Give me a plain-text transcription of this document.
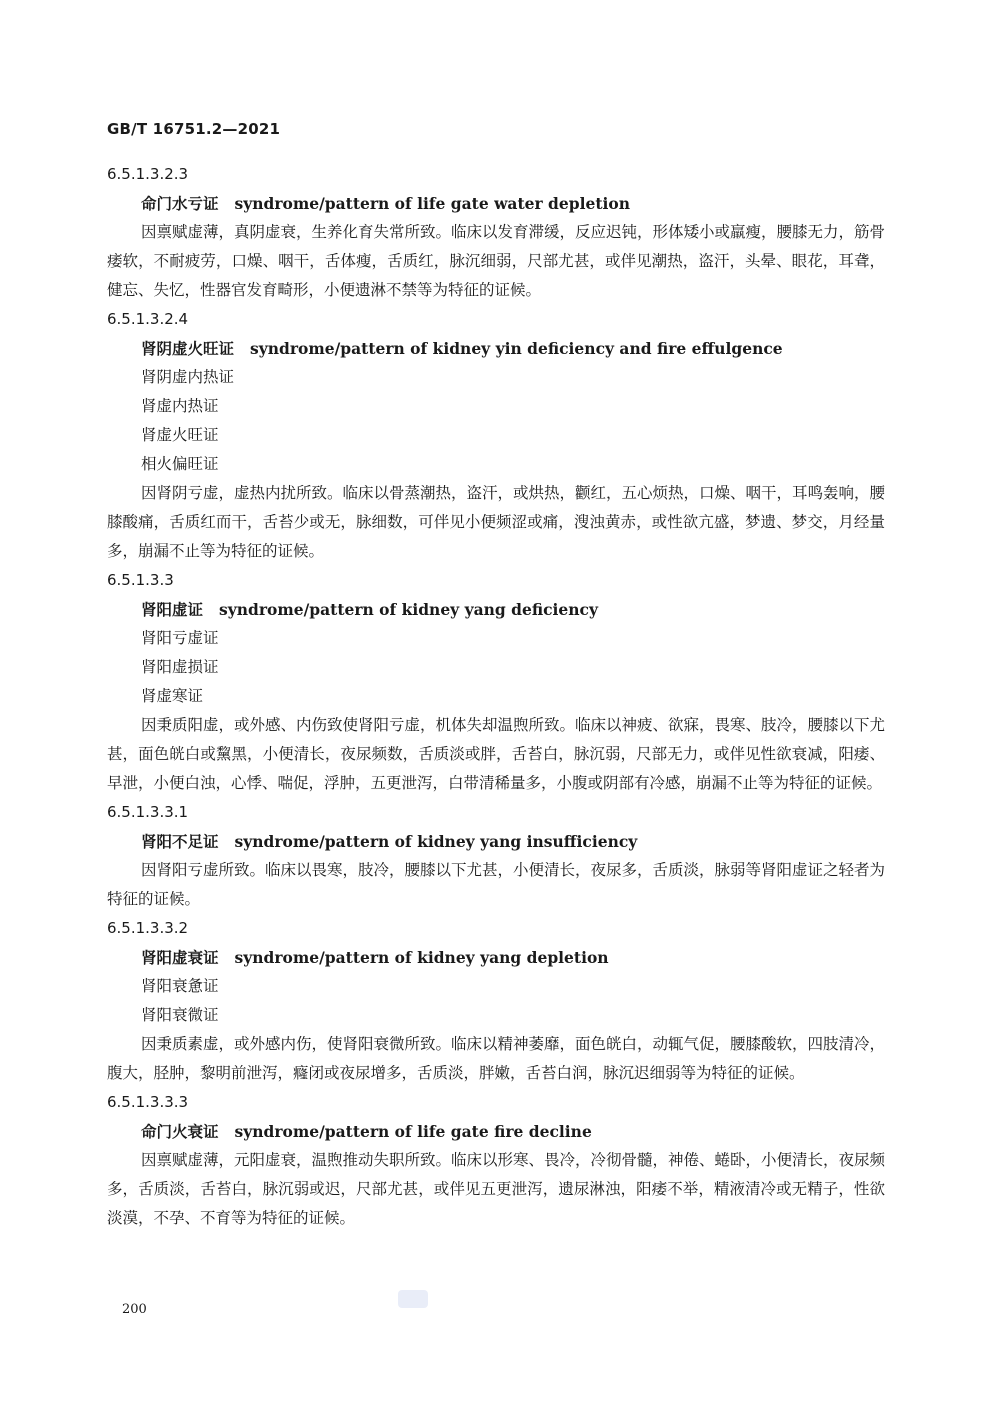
GB/T 16751.2—2021

6.5.1.3.2.3

命门水亏证 syndrome/pattern of life gate water depletion

因禀赋虚薄，真阴虚衰，生养化育失常所致。临床以发育滞缓，反应迟钝，形体矮小或羸瘦，腰膝无力，筋骨痿软，不耐疲劳，口燥、咽干，舌体瘦，舌质红，脉沉细弱，尺部尤甚，或伴见潮热，盗汗，头晕、眼花，耳聋，健忘、失忆，性器官发育畸形，小便遗淋不禁等为特征的证候。

6.5.1.3.2.4

肾阴虚火旺证 syndrome/pattern of kidney yin deficiency and fire effulgence

肾阴虚内热证

肾虚内热证

肾虚火旺证

相火偏旺证

因肾阴亏虚，虚热内扰所致。临床以骨蒸潮热，盗汗，或烘热，颧红，五心烦热，口燥、咽干，耳鸣轰响，腰膝酸痛，舌质红而干，舌苔少或无，脉细数，可伴见小便频涩或痛，溲浊黄赤，或性欲亢盛，梦遗、梦交，月经量多，崩漏不止等为特征的证候。

6.5.1.3.3

肾阳虚证 syndrome/pattern of kidney yang deficiency

肾阳亏虚证

肾阳虚损证

肾虚寒证

因秉质阳虚，或外感、内伤致使肾阳亏虚，机体失却温煦所致。临床以神疲、欲寐，畏寒、肢冷，腰膝以下尤甚，面色㿠白或黧黑，小便清长，夜尿频数，舌质淡或胖，舌苔白，脉沉弱，尺部无力，或伴见性欲衰减，阳痿、早泄，小便白浊，心悸、喘促，浮肿，五更泄泻，白带清稀量多，小腹或阴部有冷感，崩漏不止等为特征的证候。

6.5.1.3.3.1

肾阳不足证 syndrome/pattern of kidney yang insufficiency

因肾阳亏虚所致。临床以畏寒，肢冷，腰膝以下尤甚，小便清长，夜尿多，舌质淡，脉弱等肾阳虚证之轻者为特征的证候。

6.5.1.3.3.2

肾阳虚衰证 syndrome/pattern of kidney yang depletion

肾阳衰惫证

肾阳衰微证

因秉质素虚，或外感内伤，使肾阳衰微所致。临床以精神萎靡，面色㿠白，动辄气促，腰膝酸软，四肢清冷，腹大，胫肿，黎明前泄泻，癃闭或夜尿增多，舌质淡，胖嫩，舌苔白润，脉沉迟细弱等为特征的证候。

6.5.1.3.3.3

命门火衰证 syndrome/pattern of life gate fire decline

因禀赋虚薄，元阳虚衰，温煦推动失职所致。临床以形寒、畏冷，冷彻骨髓，神倦、蜷卧，小便清长，夜尿频多，舌质淡，舌苔白，脉沉弱或迟，尺部尤甚，或伴见五更泄泻，遗尿淋浊，阳痿不举，精液清冷或无精子，性欲淡漠，不孕、不育等为特征的证候。

200
